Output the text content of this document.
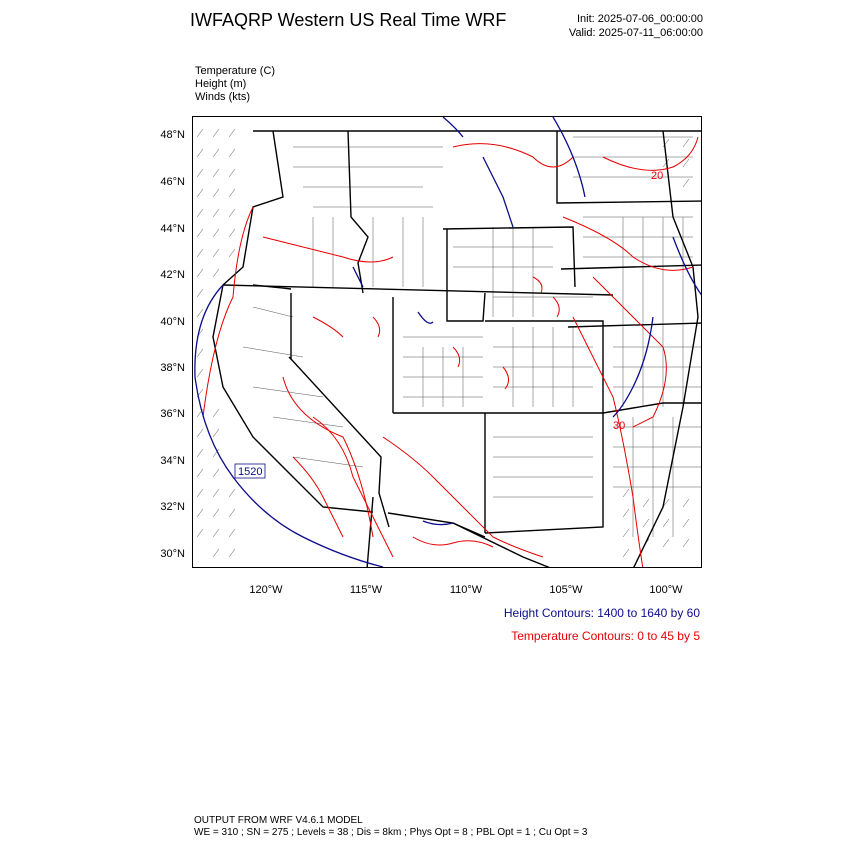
IWFAQRP Western US Real Time WRF	Init: 2025-07-06_00:00:00
Valid: 2025-07-11_06:00:00
Temperature (C)
Height (m)
Winds (kts)
1520
30
20
48°N
46°N
44°N
42°N
40°N
38°N
36°N
34°N
32°N
30°N
120°W	115°W	110°W	105°W	100°W
Height Contours: 1400 to 1640 by 60
Temperature Contours: 0 to 45 by 5
OUTPUT FROM WRF V4.6.1 MODEL
WE = 310 ; SN = 275 ; Levels = 38 ; Dis = 8km ; Phys Opt = 8 ; PBL Opt = 1 ; Cu Opt = 3
